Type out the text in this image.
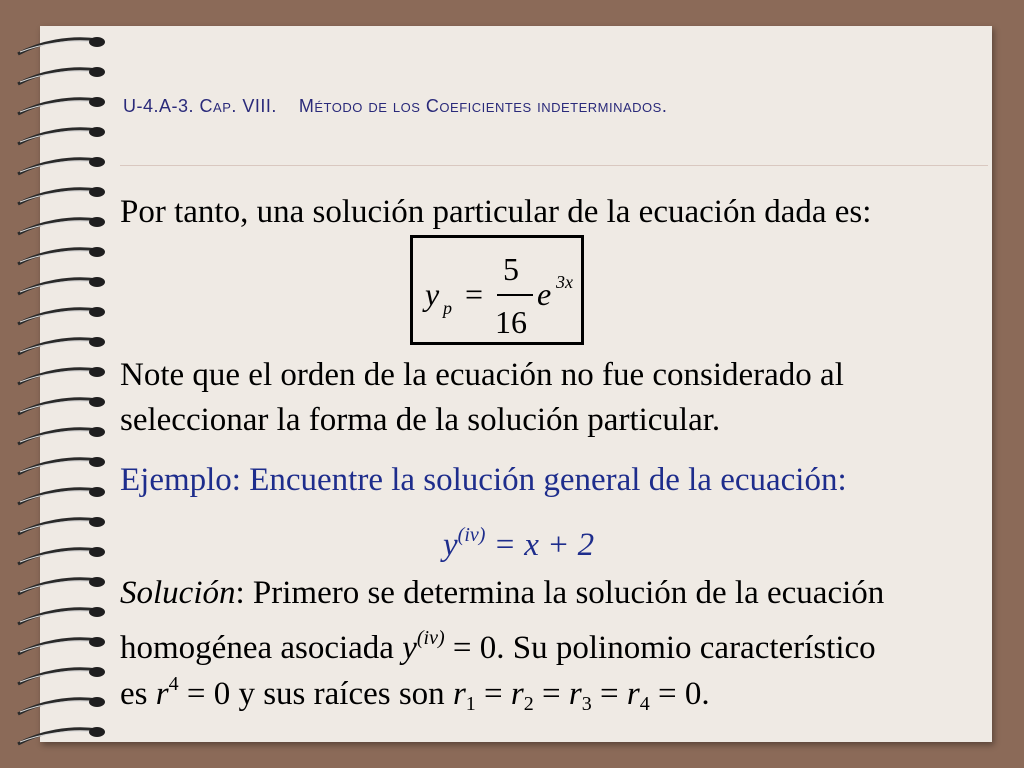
U-4.A-3. Cap. VIII. Método de los Coeficientes indeterminados.
Por tanto, una solución particular de la ecuación dada es:
y p =
5
16
e 3x
Note que el orden de la ecuación no fue considerado al
seleccionar la forma de la solución particular.
Ejemplo: Encuentre la solución general de la ecuación:
$y^{(iv)} = x + 2$
Solución: Primero se determina la solución de la ecuación
homogénea asociada $y^{(iv)} = 0$. Su polinomio característico
es $r^4 = 0$ y sus raíces son $r_1 = r_2 = r_3 = r_4 = 0$.
